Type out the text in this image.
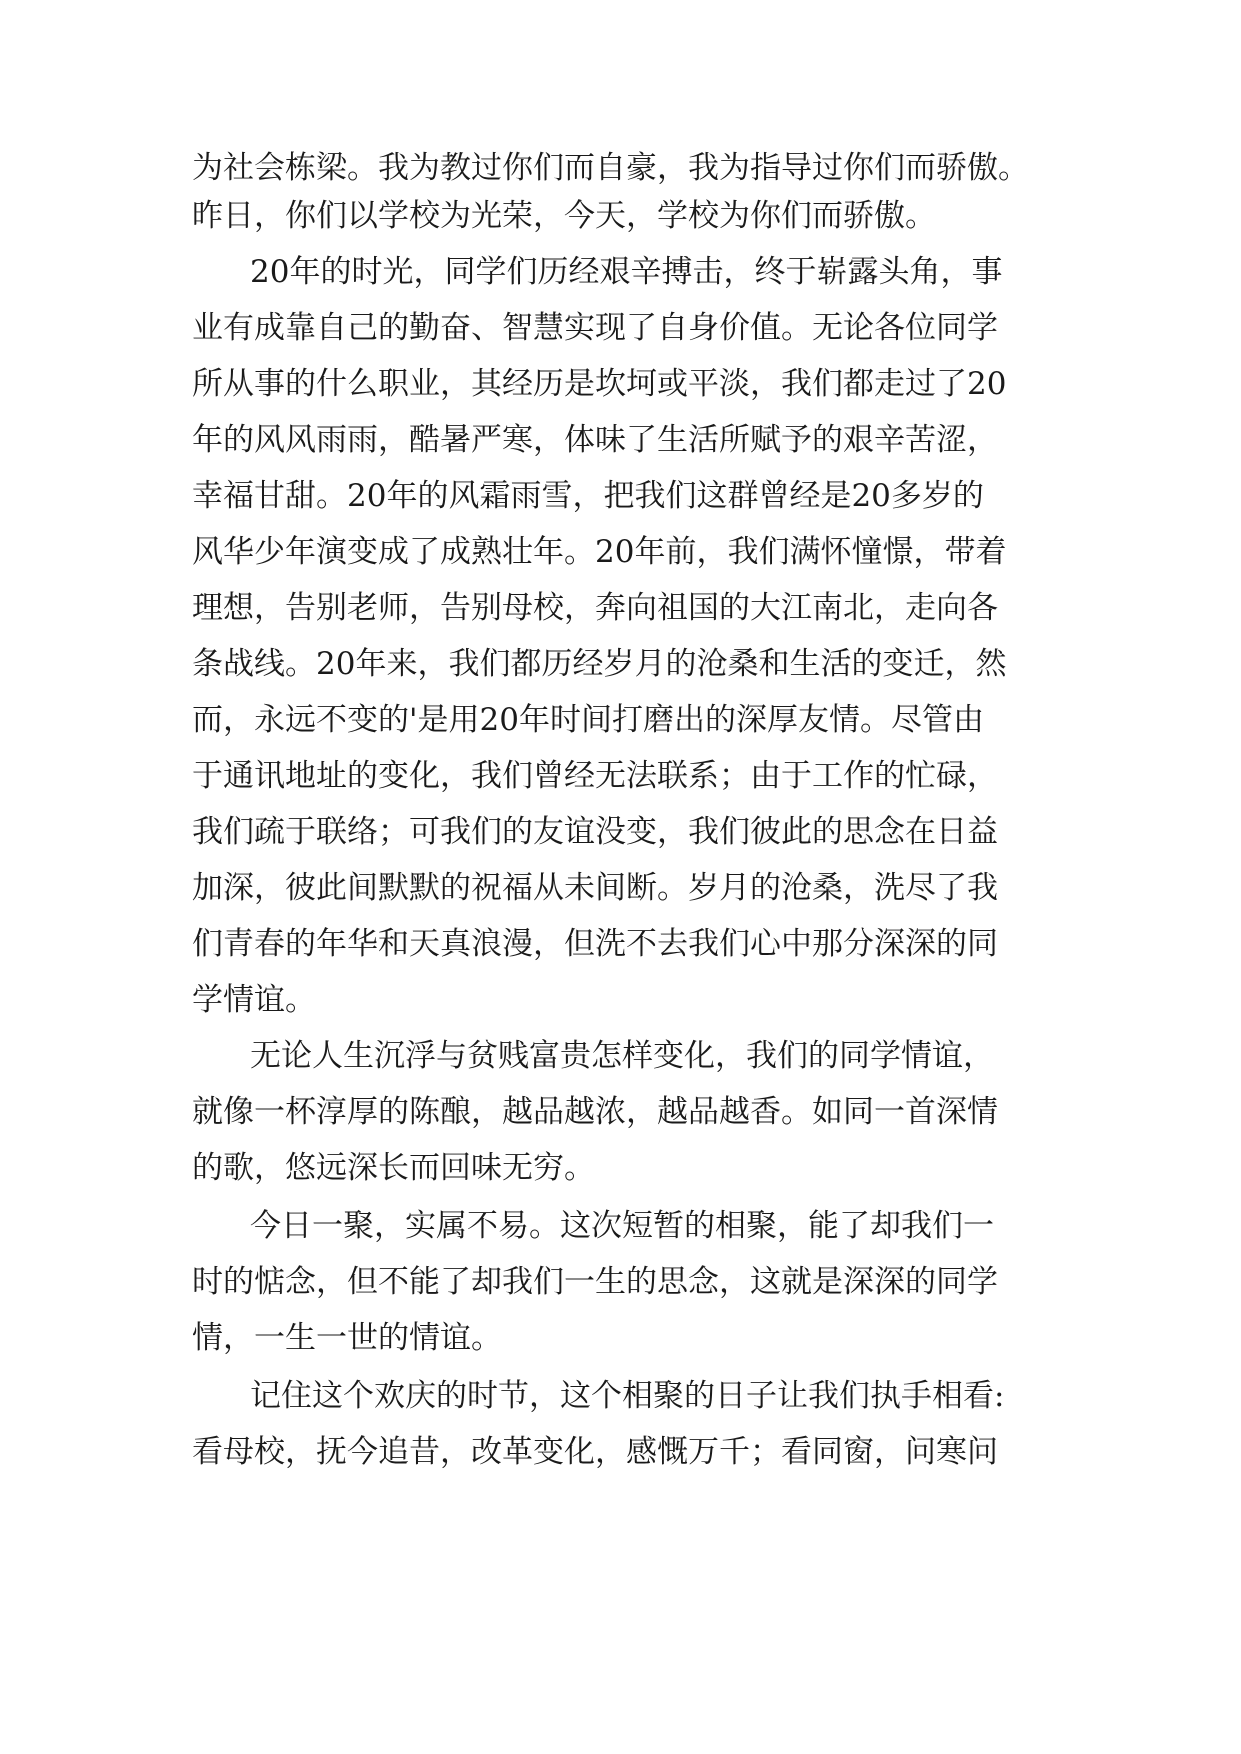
为社会栋梁。我为教过你们而自豪，我为指导过你们而骄傲。
昨日，你们以学校为光荣，今天，学校为你们而骄傲。
20年的时光，同学们历经艰辛搏击，终于崭露头角，事
业有成靠自己的勤奋、智慧实现了自身价值。无论各位同学
所从事的什么职业，其经历是坎坷或平淡，我们都走过了20
年的风风雨雨，酷暑严寒，体味了生活所赋予的艰辛苦涩，
幸福甘甜。20年的风霜雨雪，把我们这群曾经是20多岁的
风华少年演变成了成熟壮年。20年前，我们满怀憧憬，带着
理想，告别老师，告别母校，奔向祖国的大江南北，走向各
条战线。20年来，我们都历经岁月的沧桑和生活的变迁，然
而，永远不变的'是用20年时间打磨出的深厚友情。尽管由
于通讯地址的变化，我们曾经无法联系；由于工作的忙碌，
我们疏于联络；可我们的友谊没变，我们彼此的思念在日益
加深，彼此间默默的祝福从未间断。岁月的沧桑，洗尽了我
们青春的年华和天真浪漫，但洗不去我们心中那分深深的同
学情谊。
无论人生沉浮与贫贱富贵怎样变化，我们的同学情谊，
就像一杯淳厚的陈酿，越品越浓，越品越香。如同一首深情
的歌，悠远深长而回味无穷。
今日一聚，实属不易。这次短暂的相聚，能了却我们一
时的惦念，但不能了却我们一生的思念，这就是深深的同学
情，一生一世的情谊。
记住这个欢庆的时节，这个相聚的日子让我们执手相看:
看母校，抚今追昔，改革变化，感慨万千；看同窗，问寒问
